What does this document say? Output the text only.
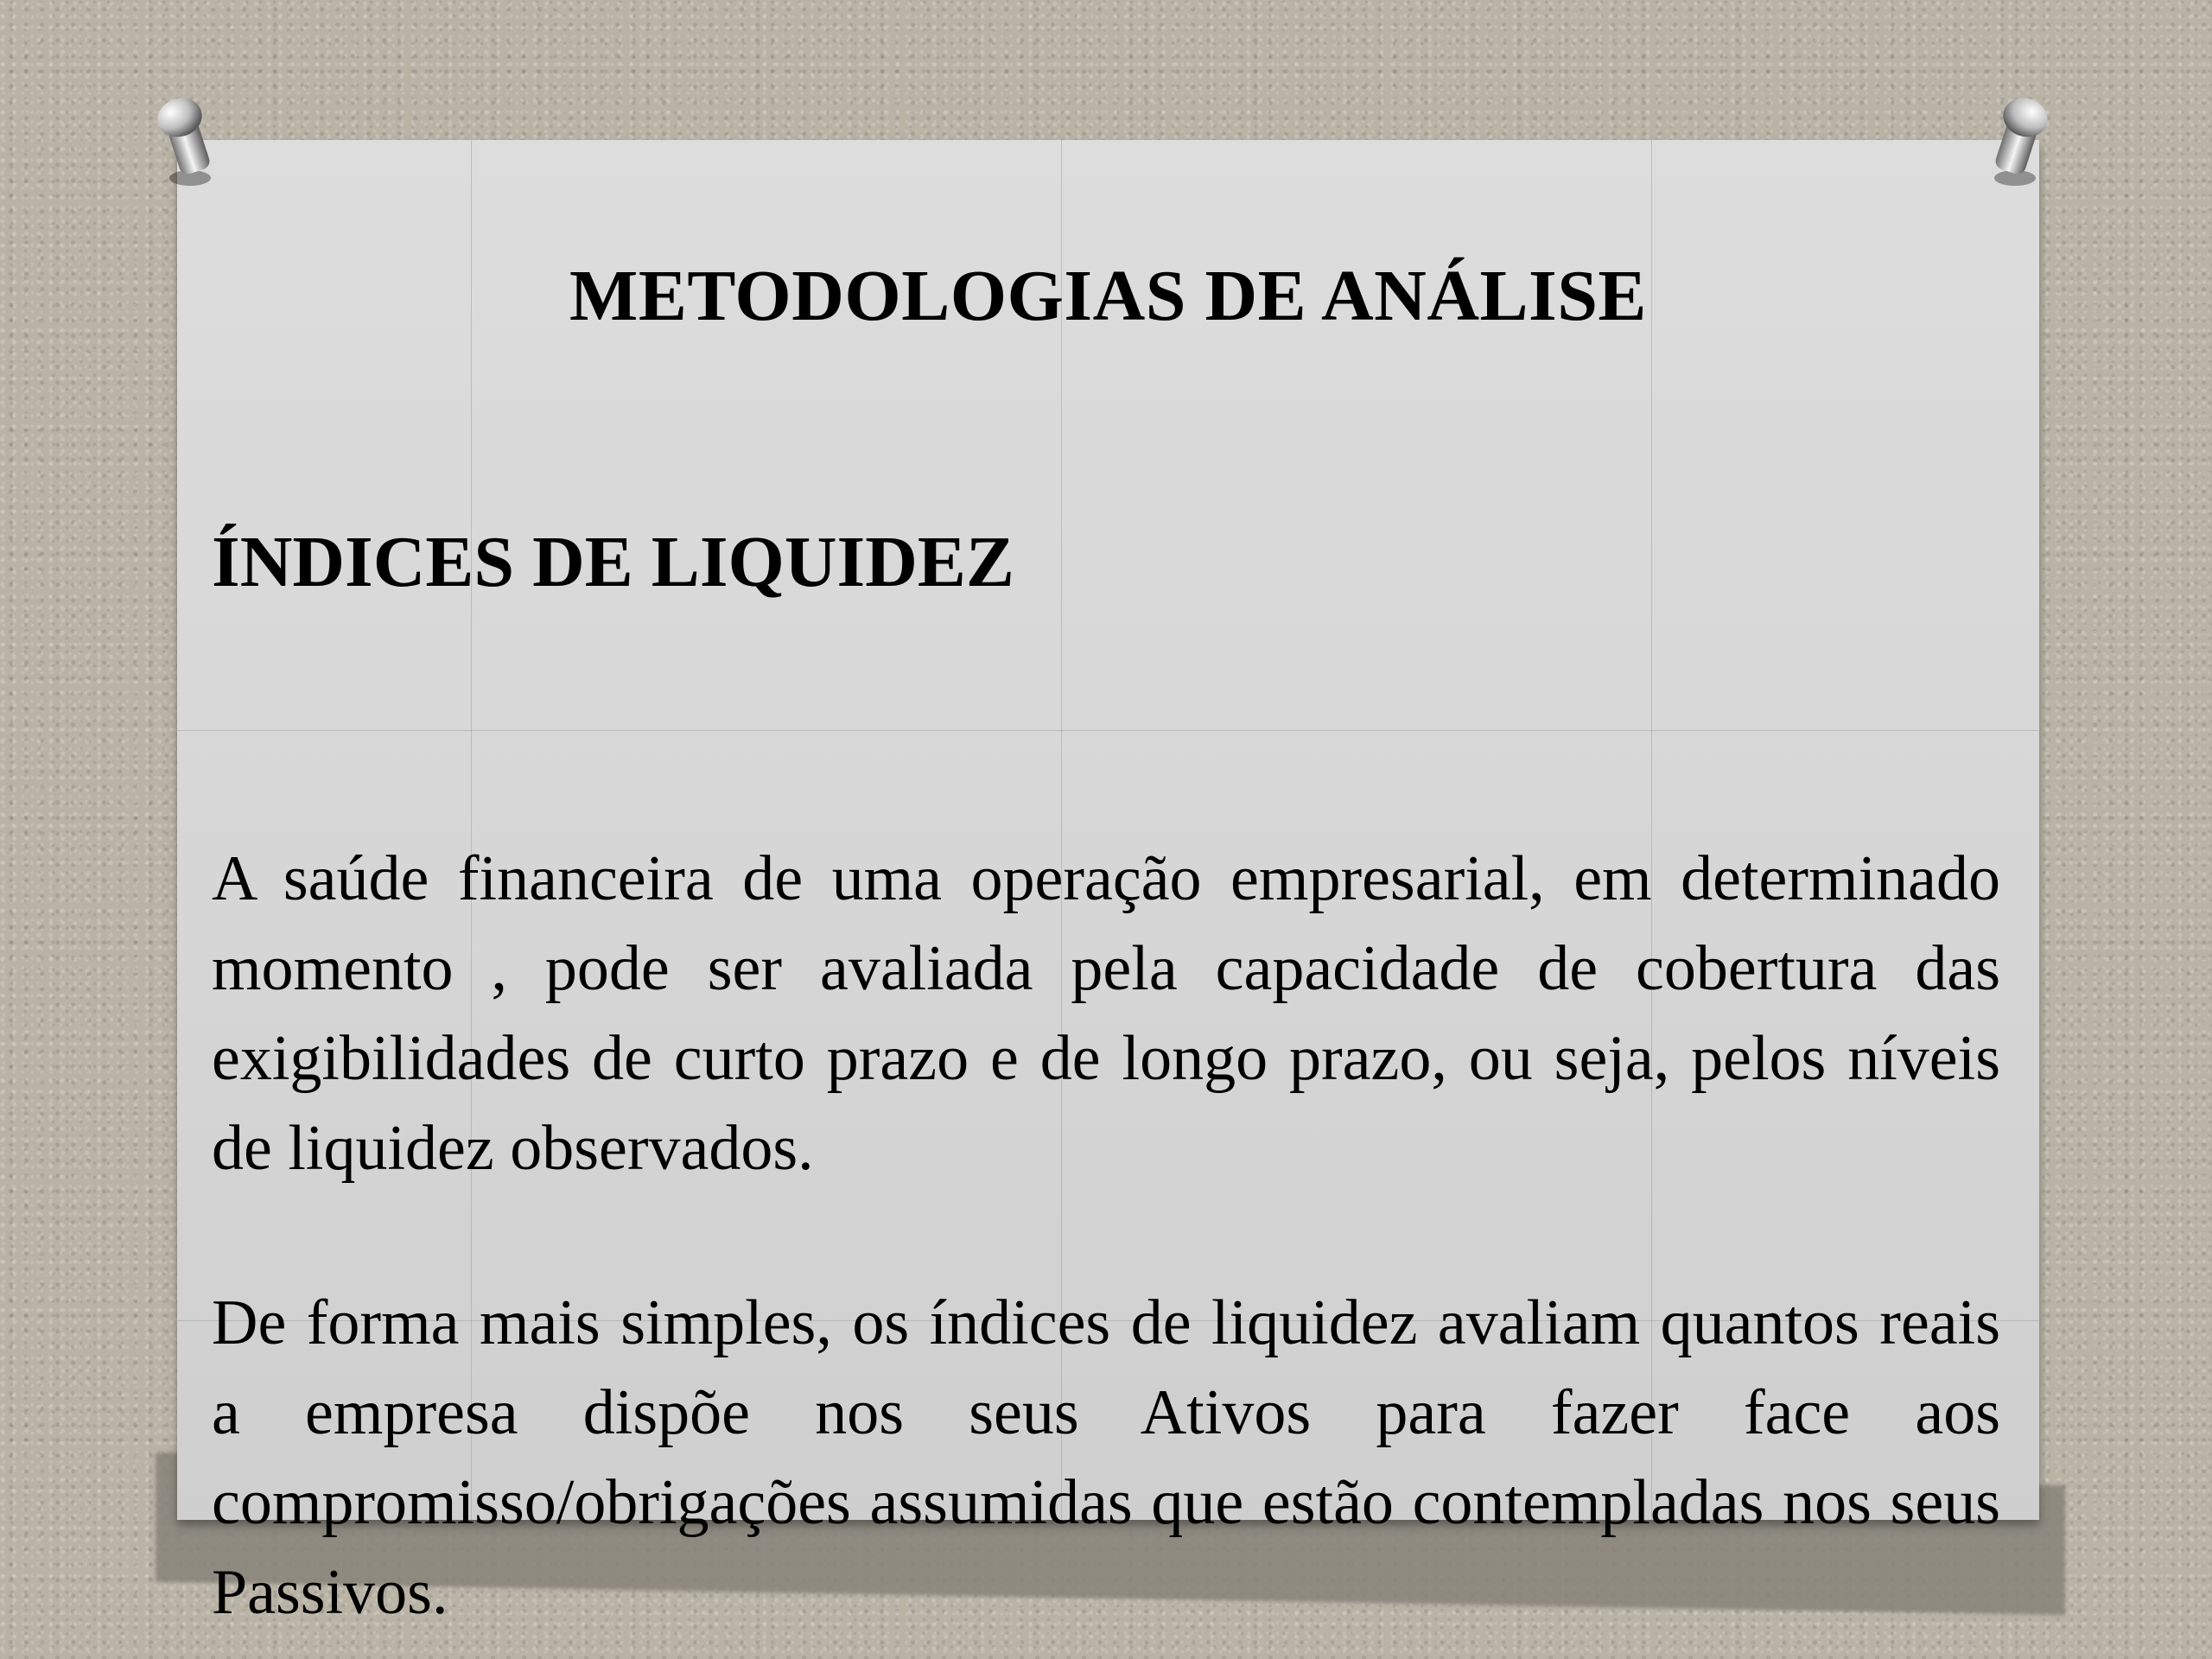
METODOLOGIAS DE ANÁLISE
ÍNDICES DE LIQUIDEZ
A saúde financeira de uma operação empresarial, em determinado momento , pode ser avaliada pela capacidade de cobertura das exigibilidades de curto prazo e de longo prazo, ou seja, pelos níveis de liquidez observados.
De forma mais simples, os índices de liquidez avaliam quantos reais a empresa dispõe nos seus Ativos para fazer face aos compromisso/obrigações assumidas que estão contempladas nos seus Passivos.
